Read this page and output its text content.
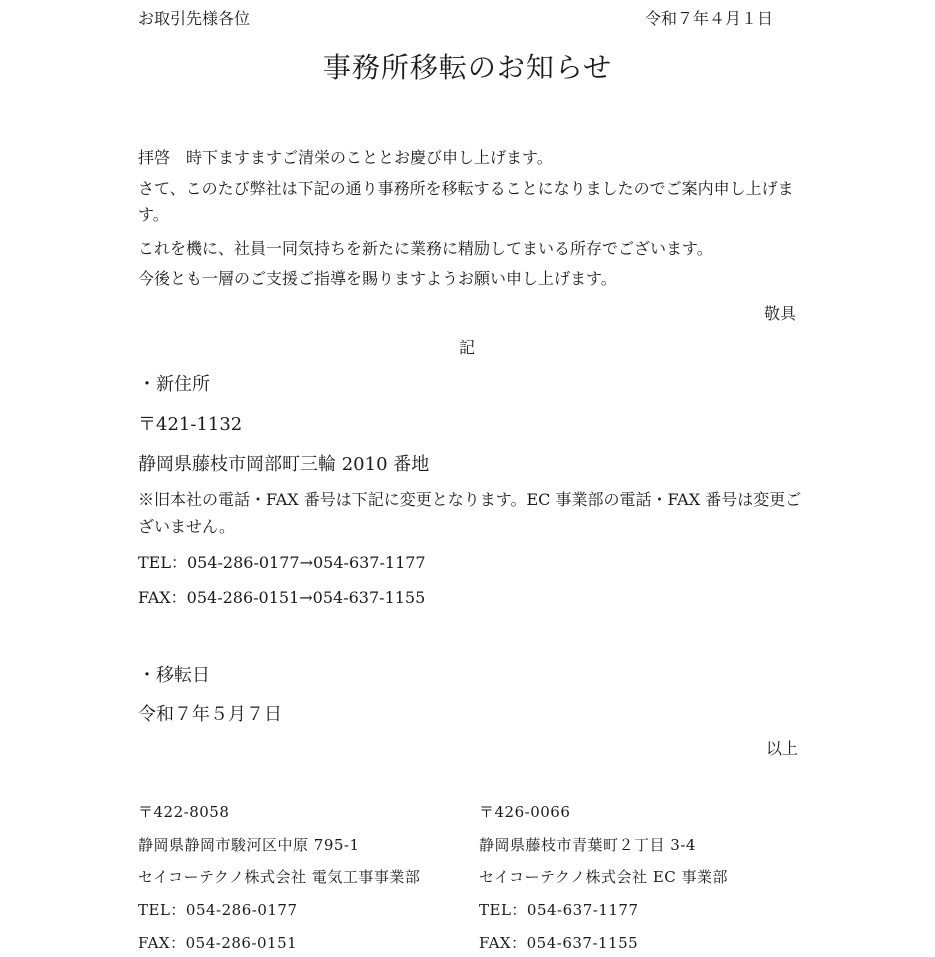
お取引先様各位	令和７年４月１日
事務所移転のお知らせ
拝啓　時下ますますご清栄のこととお慶び申し上げます。
さて、このたび弊社は下記の通り事務所を移転することになりましたのでご案内申し上げます。
これを機に、社員一同気持ちを新たに業務に精励してまいる所存でございます。
今後とも一層のご支援ご指導を賜りますようお願い申し上げます。
敬具
記
・新住所
〒421-1132
静岡県藤枝市岡部町三輪 2010 番地
※旧本社の電話・FAX 番号は下記に変更となります。EC 事業部の電話・FAX 番号は変更ございません。
TEL：054-286-0177→054-637-1177
FAX：054-286-0151→054-637-1155
・移転日
令和７年５月７日
以上
〒422-8058
静岡県静岡市駿河区中原 795-1
セイコーテクノ株式会社 電気工事事業部
TEL：054-286-0177
FAX：054-286-0151
〒426-0066
静岡県藤枝市青葉町２丁目 3-4
セイコーテクノ株式会社 EC 事業部
TEL：054-637-1177
FAX：054-637-1155
